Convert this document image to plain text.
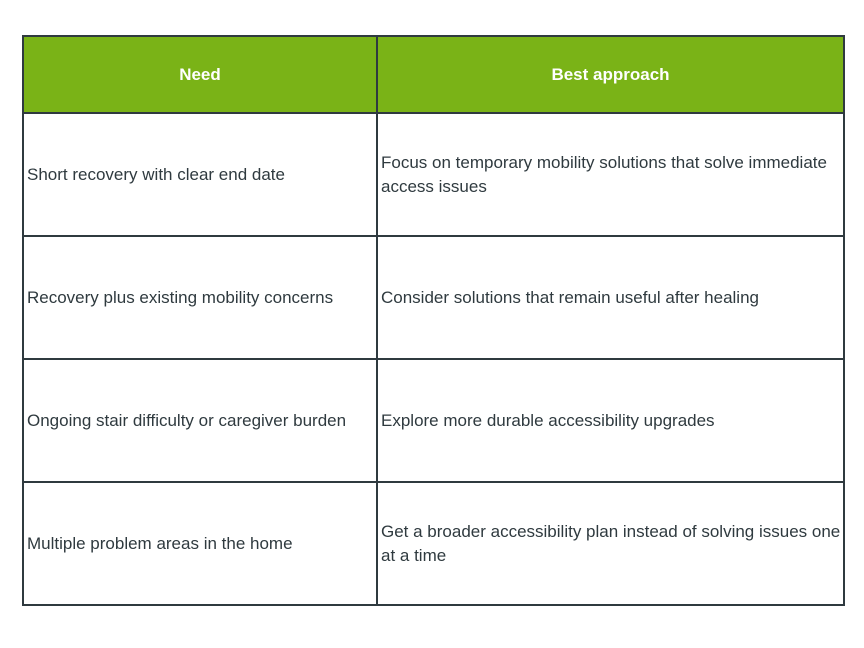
Need	Best approach
Short recovery with clear end date	Focus on temporary mobility solutions that solve immediate access issues
Recovery plus existing mobility concerns	Consider solutions that remain useful after healing
Ongoing stair difficulty or caregiver burden	Explore more durable accessibility upgrades
Multiple problem areas in the home	Get a broader accessibility plan instead of solving issues one at a time
